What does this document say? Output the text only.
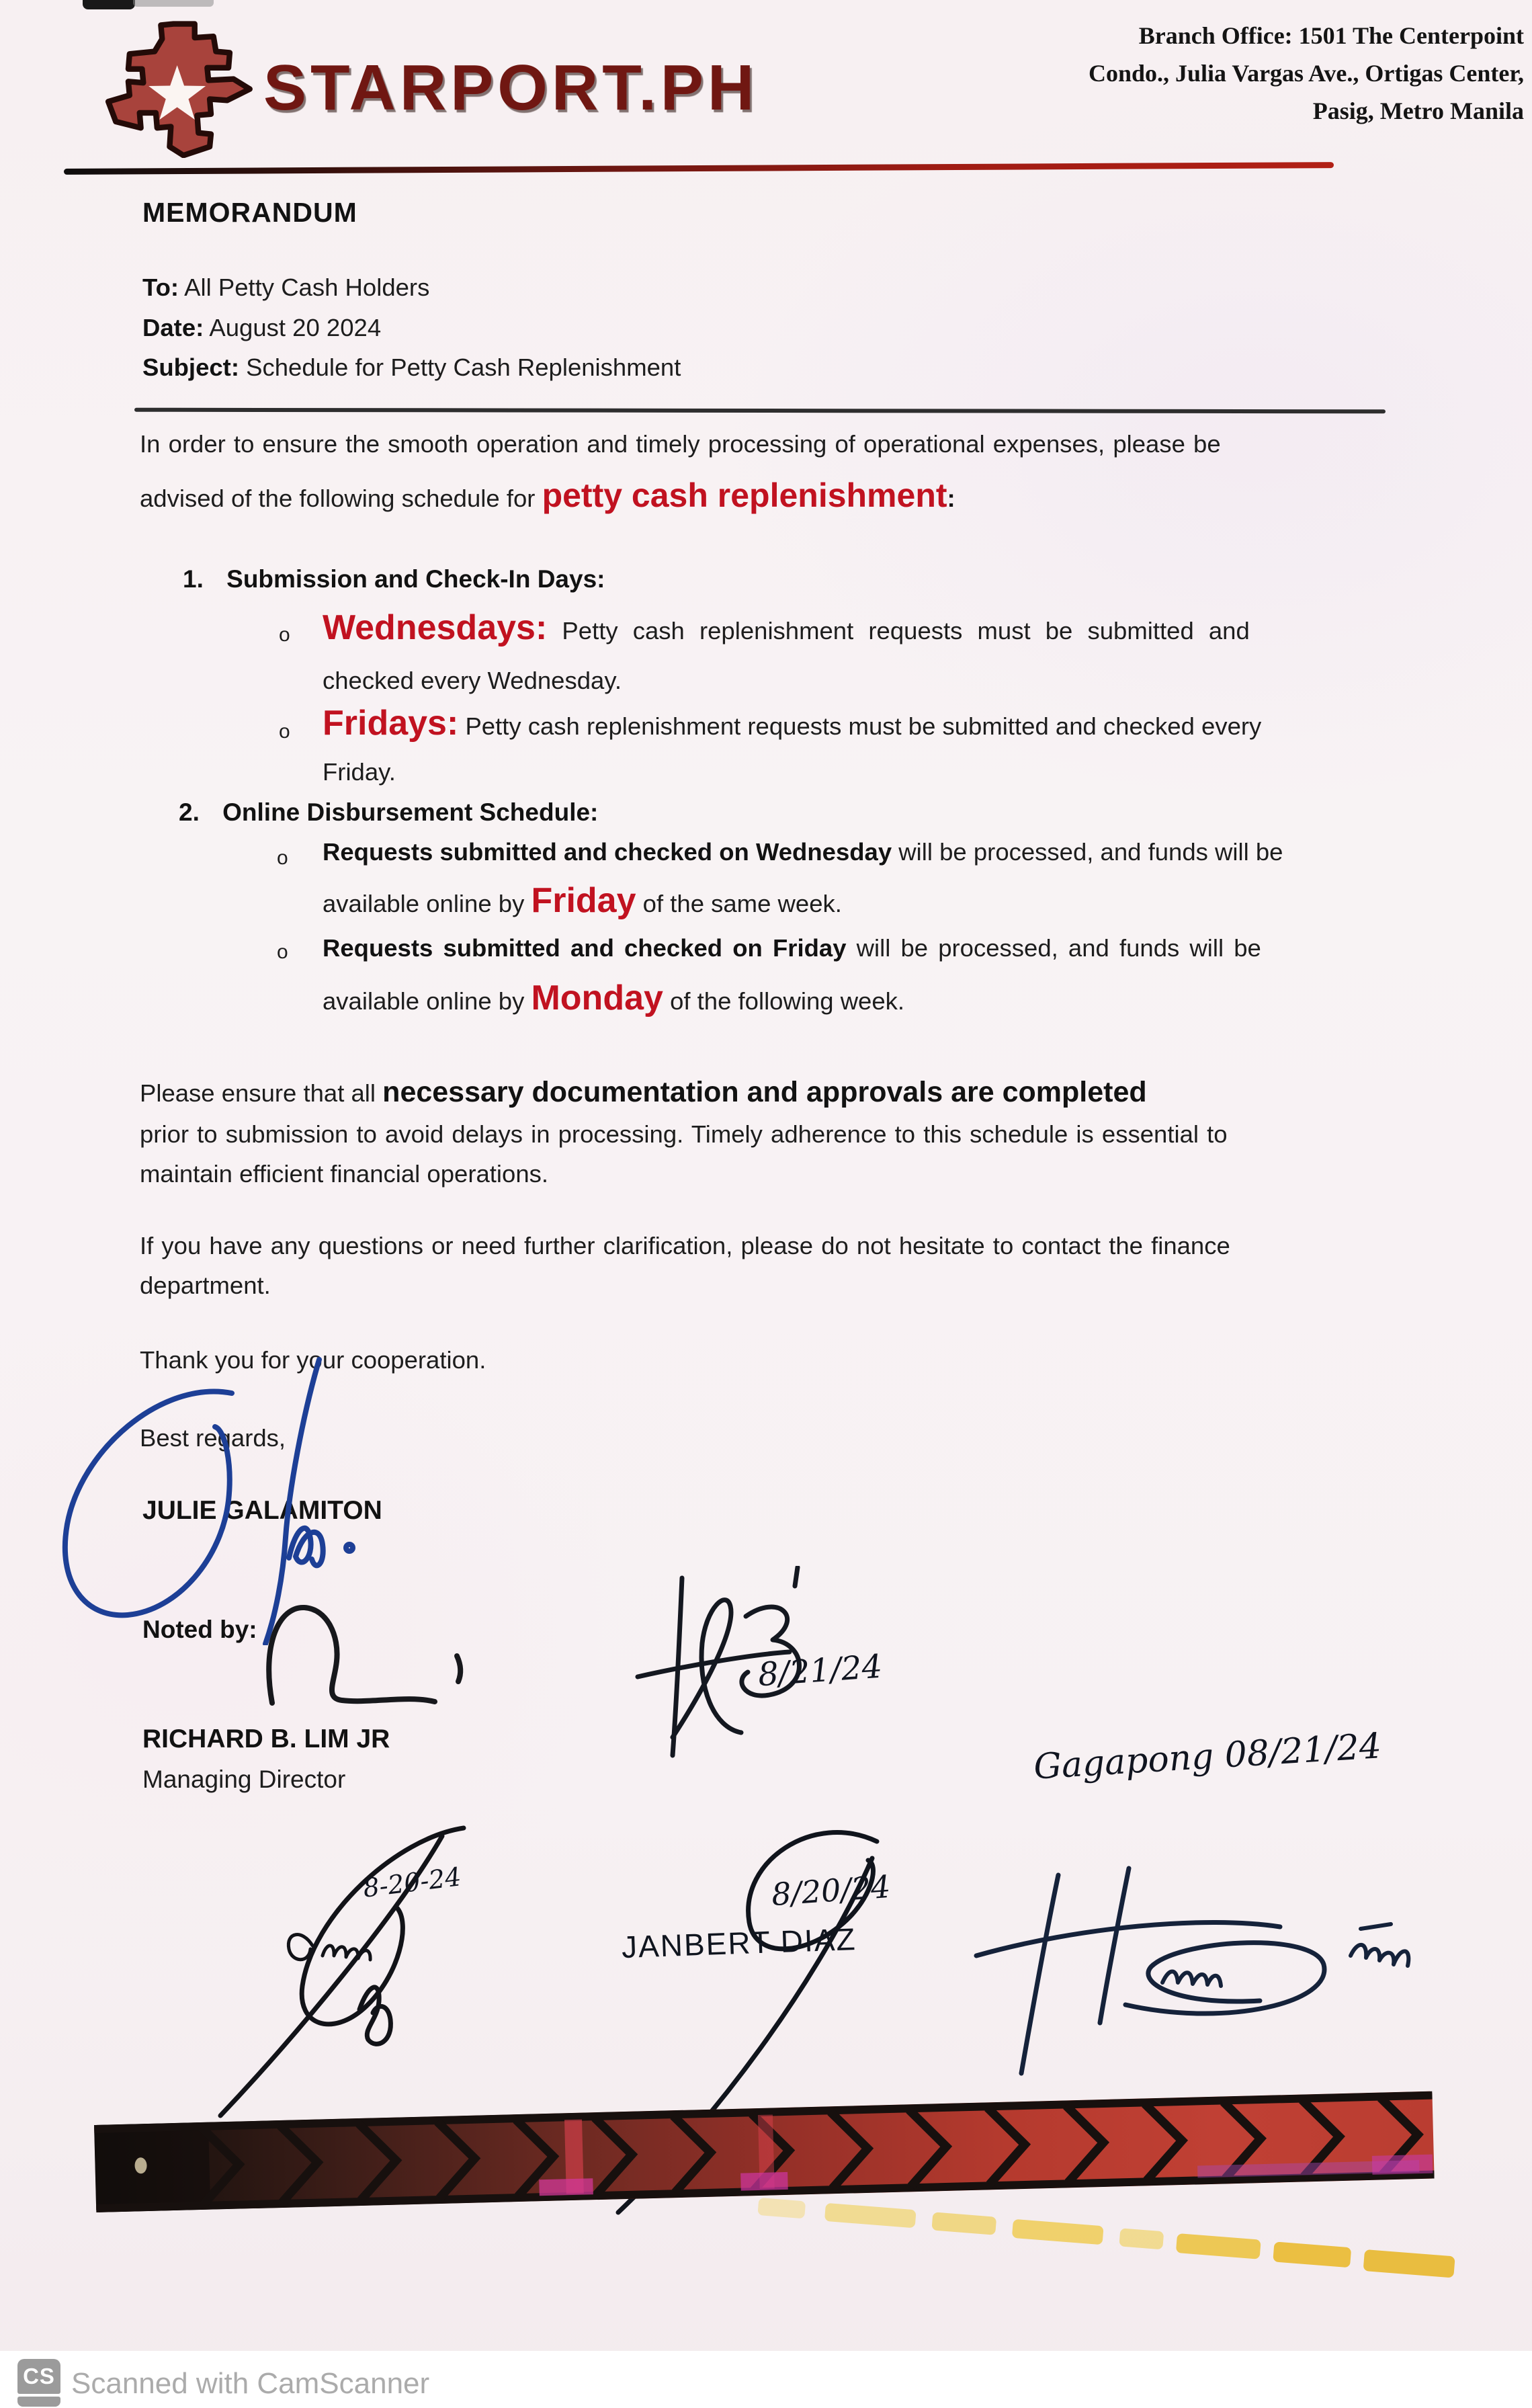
STARPORT.PH
Branch Office: 1501 The Centerpoint
Condo., Julia Vargas Ave., Ortigas Center,
Pasig, Metro Manila
MEMORANDUM
To: All Petty Cash Holders
Date: August 20 2024
Subject: Schedule for Petty Cash Replenishment
In order to ensure the smooth operation and timely processing of operational expenses, please be
advised of the following schedule for petty cash replenishment:
1. Submission and Check-In Days:
o Wednesdays: Petty cash replenishment requests must be submitted and
checked every Wednesday.
o Fridays: Petty cash replenishment requests must be submitted and checked every
Friday.
2. Online Disbursement Schedule:
o Requests submitted and checked on Wednesday will be processed, and funds will be
available online by Friday of the same week.
o Requests submitted and checked on Friday will be processed, and funds will be
available online by Monday of the following week.
Please ensure that all necessary documentation and approvals are completed
prior to submission to avoid delays in processing. Timely adherence to this schedule is essential to
maintain efficient financial operations.
If you have any questions or need further clarification, please do not hesitate to contact the finance
department.
Thank you for your cooperation.
Best regards,
JULIE GALAMITON
Noted by:
RICHARD B. LIM JR
Managing Director
8/21/24
Gagapong 08/21/24
8-20-24	8/20/24
JANBERT DIAZ
CS Scanned with CamScanner
